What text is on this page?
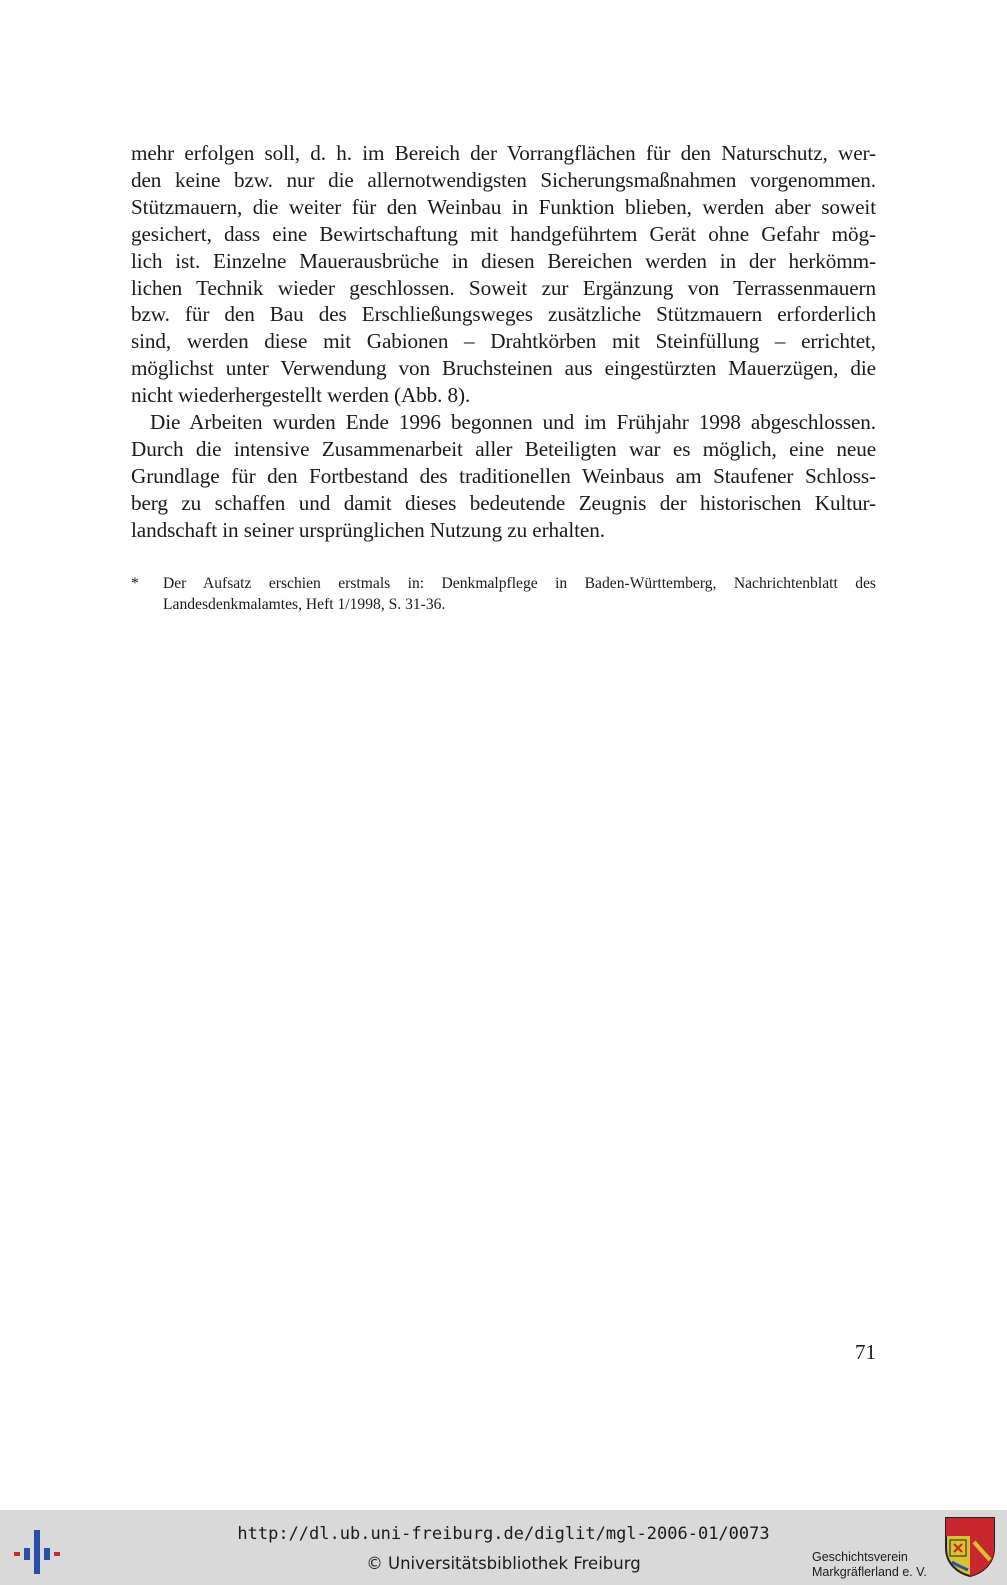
mehr erfolgen soll, d. h. im Bereich der Vorrangflächen für den Naturschutz, wer-
den keine bzw. nur die allernotwendigsten Sicherungsmaßnahmen vorgenommen.
Stützmauern, die weiter für den Weinbau in Funktion blieben, werden aber soweit
gesichert, dass eine Bewirtschaftung mit handgeführtem Gerät ohne Gefahr mög-
lich ist. Einzelne Mauerausbrüche in diesen Bereichen werden in der herkömm-
lichen Technik wieder geschlossen. Soweit zur Ergänzung von Terrassenmauern
bzw. für den Bau des Erschließungsweges zusätzliche Stützmauern erforderlich
sind, werden diese mit Gabionen – Drahtkörben mit Steinfüllung – errichtet,
möglichst unter Verwendung von Bruchsteinen aus eingestürzten Mauerzügen, die
nicht wiederhergestellt werden (Abb. 8).

Die Arbeiten wurden Ende 1996 begonnen und im Frühjahr 1998 abgeschlossen.
Durch die intensive Zusammenarbeit aller Beteiligten war es möglich, eine neue
Grundlage für den Fortbestand des traditionellen Weinbaus am Staufener Schloss-
berg zu schaffen und damit dieses bedeutende Zeugnis der historischen Kultur-
landschaft in seiner ursprünglichen Nutzung zu erhalten.

* Der Aufsatz erschien erstmals in: Denkmalpflege in Baden-Württemberg, Nachrichtenblatt des
Landesdenkmalamtes, Heft 1/1998, S. 31-36.
71
http://dl.ub.uni-freiburg.de/diglit/mgl-2006-01/0073
© Universitätsbibliothek Freiburg	Geschichtsverein
Markgräflerland e. V.
